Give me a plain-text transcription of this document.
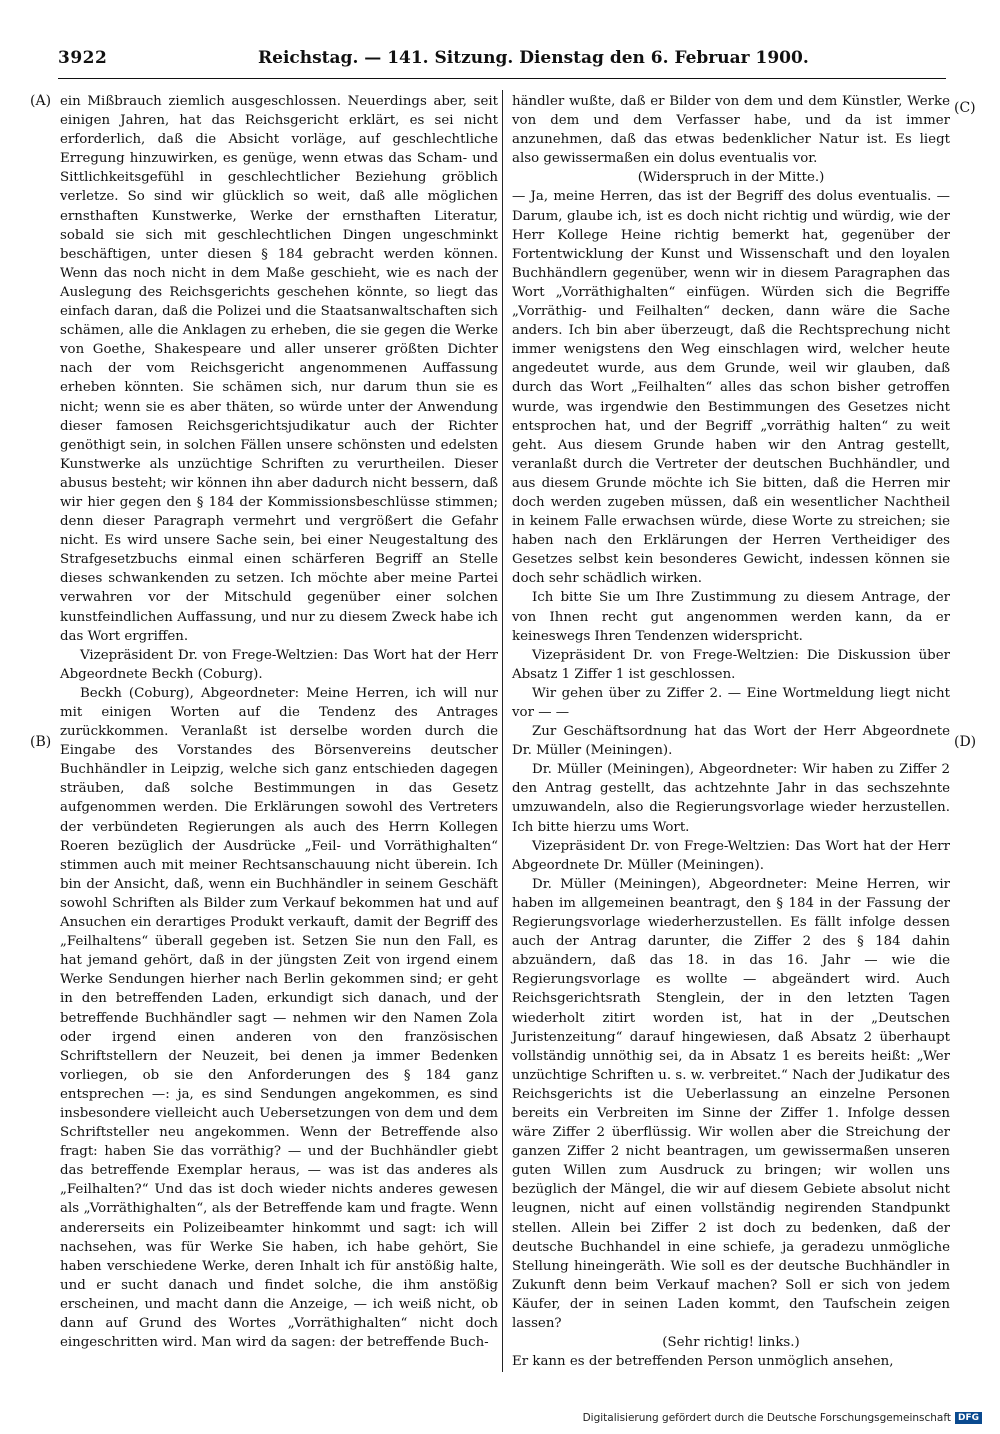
3922	Reichstag. — 141. Sitzung. Dienstag den 6. Februar 1900.
(A)
(B)
(C)
(D)

ein Mißbrauch ziemlich ausgeschlossen. Neuerdings aber, seit einigen Jahren, hat das Reichsgericht erklärt, es sei nicht erforderlich, daß die Absicht vorläge, auf geschlechtliche Erregung hinzuwirken, es genüge, wenn etwas das Scham- und Sittlichkeitsgefühl in geschlechtlicher Beziehung gröblich verletze. So sind wir glücklich so weit, daß alle möglichen ernsthaften Kunstwerke, Werke der ernsthaften Literatur, sobald sie sich mit geschlechtlichen Dingen ungeschminkt beschäftigen, unter diesen § 184 gebracht werden können. Wenn das noch nicht in dem Maße geschieht, wie es nach der Auslegung des Reichsgerichts geschehen könnte, so liegt das einfach daran, daß die Polizei und die Staatsanwaltschaften sich schämen, alle die Anklagen zu erheben, die sie gegen die Werke von Goethe, Shakespeare und aller unserer größten Dichter nach der vom Reichsgericht angenommenen Auffassung erheben könnten. Sie schämen sich, nur darum thun sie es nicht; wenn sie es aber thäten, so würde unter der Anwendung dieser famosen Reichsgerichtsjudikatur auch der Richter genöthigt sein, in solchen Fällen unsere schönsten und edelsten Kunstwerke als unzüchtige Schriften zu verurtheilen. Dieser abusus besteht; wir können ihn aber dadurch nicht bessern, daß wir hier gegen den § 184 der Kommissionsbeschlüsse stimmen; denn dieser Paragraph vermehrt und vergrößert die Gefahr nicht. Es wird unsere Sache sein, bei einer Neugestaltung des Strafgesetzbuchs einmal einen schärferen Begriff an Stelle dieses schwankenden zu setzen. Ich möchte aber meine Partei verwahren vor der Mitschuld gegenüber einer solchen kunstfeindlichen Auffassung, und nur zu diesem Zweck habe ich das Wort ergriffen.

Vizepräsident Dr. von Frege-Weltzien: Das Wort hat der Herr Abgeordnete Beckh (Coburg).

Beckh (Coburg), Abgeordneter: Meine Herren, ich will nur mit einigen Worten auf die Tendenz des Antrages zurückkommen. Veranlaßt ist derselbe worden durch die Eingabe des Vorstandes des Börsenvereins deutscher Buchhändler in Leipzig, welche sich ganz entschieden dagegen sträuben, daß solche Bestimmungen in das Gesetz aufgenommen werden. Die Erklärungen sowohl des Vertreters der verbündeten Regierungen als auch des Herrn Kollegen Roeren bezüglich der Ausdrücke „Feil- und Vorräthighalten“ stimmen auch mit meiner Rechtsanschauung nicht überein. Ich bin der Ansicht, daß, wenn ein Buchhändler in seinem Geschäft sowohl Schriften als Bilder zum Verkauf bekommen hat und auf Ansuchen ein derartiges Produkt verkauft, damit der Begriff des „Feilhaltens“ überall gegeben ist. Setzen Sie nun den Fall, es hat jemand gehört, daß in der jüngsten Zeit von irgend einem Werke Sendungen hierher nach Berlin gekommen sind; er geht in den betreffenden Laden, erkundigt sich danach, und der betreffende Buchhändler sagt — nehmen wir den Namen Zola oder irgend einen anderen von den französischen Schriftstellern der Neuzeit, bei denen ja immer Bedenken vorliegen, ob sie den Anforderungen des § 184 ganz entsprechen —: ja, es sind Sendungen angekommen, es sind insbesondere vielleicht auch Uebersetzungen von dem und dem Schriftsteller neu angekommen. Wenn der Betreffende also fragt: haben Sie das vorräthig? — und der Buchhändler giebt das betreffende Exemplar heraus, — was ist das anderes als „Feilhalten?“ Und das ist doch wieder nichts anderes gewesen als „Vorräthighalten“, als der Betreffende kam und fragte. Wenn andererseits ein Polizeibeamter hinkommt und sagt: ich will nachsehen, was für Werke Sie haben, ich habe gehört, Sie haben verschiedene Werke, deren Inhalt ich für anstößig halte, und er sucht danach und findet solche, die ihm anstößig erscheinen, und macht dann die Anzeige, — ich weiß nicht, ob dann auf Grund des Wortes „Vorräthighalten“ nicht doch eingeschritten wird. Man wird da sagen: der betreffende Buch-

händler wußte, daß er Bilder von dem und dem Künstler, Werke von dem und dem Verfasser habe, und da ist immer anzunehmen, daß das etwas bedenklicher Natur ist. Es liegt also gewissermaßen ein dolus eventualis vor.

(Widerspruch in der Mitte.)

— Ja, meine Herren, das ist der Begriff des dolus eventualis. — Darum, glaube ich, ist es doch nicht richtig und würdig, wie der Herr Kollege Heine richtig bemerkt hat, gegenüber der Fortentwicklung der Kunst und Wissenschaft und den loyalen Buchhändlern gegenüber, wenn wir in diesem Paragraphen das Wort „Vorräthighalten“ einfügen. Würden sich die Begriffe „Vorräthig- und Feilhalten“ decken, dann wäre die Sache anders. Ich bin aber überzeugt, daß die Rechtsprechung nicht immer wenigstens den Weg einschlagen wird, welcher heute angedeutet wurde, aus dem Grunde, weil wir glauben, daß durch das Wort „Feilhalten“ alles das schon bisher getroffen wurde, was irgendwie den Bestimmungen des Gesetzes nicht entsprochen hat, und der Begriff „vorräthig halten“ zu weit geht. Aus diesem Grunde haben wir den Antrag gestellt, veranlaßt durch die Vertreter der deutschen Buchhändler, und aus diesem Grunde möchte ich Sie bitten, daß die Herren mir doch werden zugeben müssen, daß ein wesentlicher Nachtheil in keinem Falle erwachsen würde, diese Worte zu streichen; sie haben nach den Erklärungen der Herren Vertheidiger des Gesetzes selbst kein besonderes Gewicht, indessen können sie doch sehr schädlich wirken.

Ich bitte Sie um Ihre Zustimmung zu diesem Antrage, der von Ihnen recht gut angenommen werden kann, da er keineswegs Ihren Tendenzen widerspricht.

Vizepräsident Dr. von Frege-Weltzien: Die Diskussion über Absatz 1 Ziffer 1 ist geschlossen.

Wir gehen über zu Ziffer 2. — Eine Wortmeldung liegt nicht vor — —

Zur Geschäftsordnung hat das Wort der Herr Abgeordnete Dr. Müller (Meiningen).

Dr. Müller (Meiningen), Abgeordneter: Wir haben zu Ziffer 2 den Antrag gestellt, das achtzehnte Jahr in das sechszehnte umzuwandeln, also die Regierungsvorlage wieder herzustellen. Ich bitte hierzu ums Wort.

Vizepräsident Dr. von Frege-Weltzien: Das Wort hat der Herr Abgeordnete Dr. Müller (Meiningen).

Dr. Müller (Meiningen), Abgeordneter: Meine Herren, wir haben im allgemeinen beantragt, den § 184 in der Fassung der Regierungsvorlage wiederherzustellen. Es fällt infolge dessen auch der Antrag darunter, die Ziffer 2 des § 184 dahin abzuändern, daß das 18. in das 16. Jahr — wie die Regierungsvorlage es wollte — abgeändert wird. Auch Reichsgerichtsrath Stenglein, der in den letzten Tagen wiederholt zitirt worden ist, hat in der „Deutschen Juristenzeitung“ darauf hingewiesen, daß Absatz 2 überhaupt vollständig unnöthig sei, da in Absatz 1 es bereits heißt: „Wer unzüchtige Schriften u. s. w. verbreitet.“ Nach der Judikatur des Reichsgerichts ist die Ueberlassung an einzelne Personen bereits ein Verbreiten im Sinne der Ziffer 1. Infolge dessen wäre Ziffer 2 überflüssig. Wir wollen aber die Streichung der ganzen Ziffer 2 nicht beantragen, um gewissermaßen unseren guten Willen zum Ausdruck zu bringen; wir wollen uns bezüglich der Mängel, die wir auf diesem Gebiete absolut nicht leugnen, nicht auf einen vollständig negirenden Standpunkt stellen. Allein bei Ziffer 2 ist doch zu bedenken, daß der deutsche Buchhandel in eine schiefe, ja geradezu unmögliche Stellung hineingeräth. Wie soll es der deutsche Buchhändler in Zukunft denn beim Verkauf machen? Soll er sich von jedem Käufer, der in seinen Laden kommt, den Taufschein zeigen lassen?

(Sehr richtig! links.)

Er kann es der betreffenden Person unmöglich ansehen,

Digitalisierung gefördert durch die Deutsche Forschungsgemeinschaft DFG
